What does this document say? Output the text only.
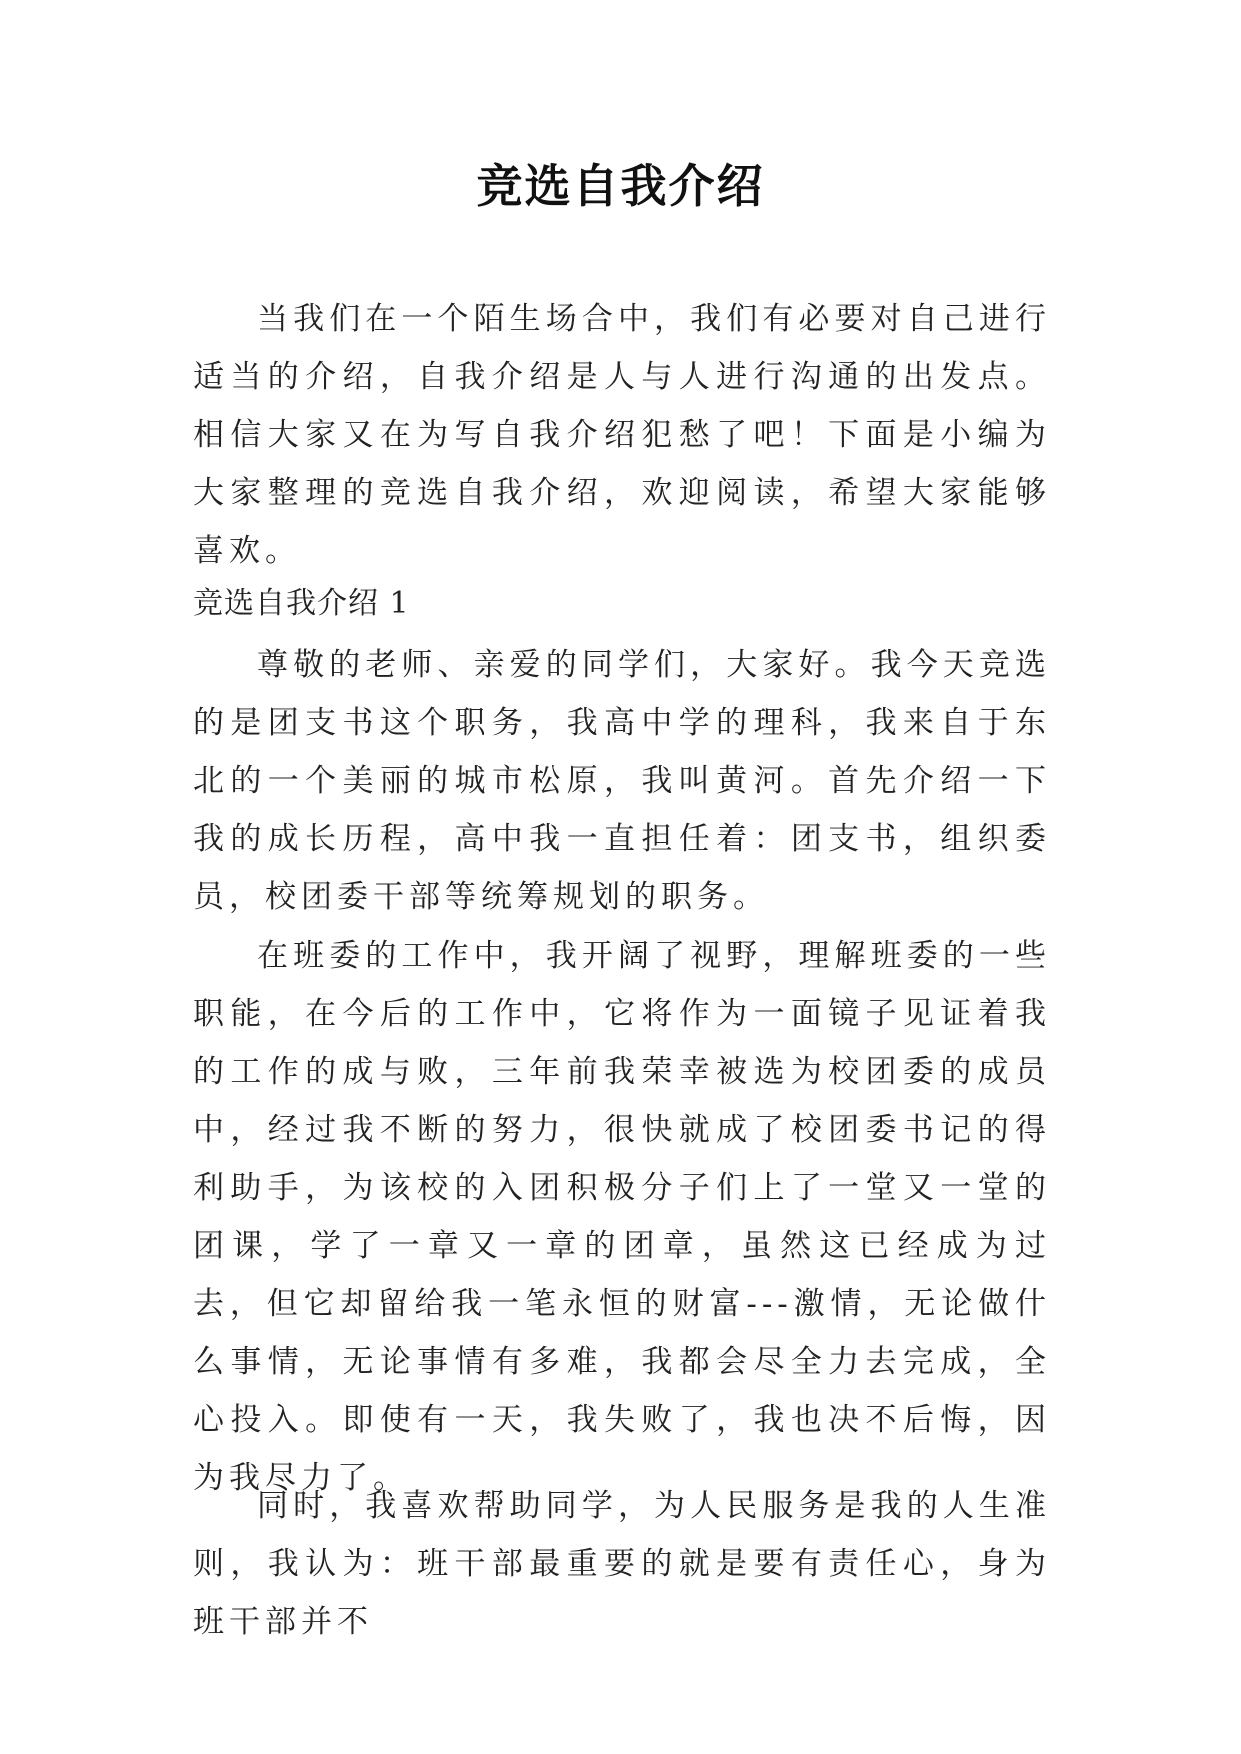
竞选自我介绍

当我们在一个陌生场合中，我们有必要对自己进行适当的介绍，自我介绍是人与人进行沟通的出发点。相信大家又在为写自我介绍犯愁了吧！下面是小编为大家整理的竞选自我介绍，欢迎阅读，希望大家能够喜欢。

竞选自我介绍 1

尊敬的老师、亲爱的同学们，大家好。我今天竞选的是团支书这个职务，我高中学的理科，我来自于东北的一个美丽的城市松原，我叫黄河。首先介绍一下我的成长历程，高中我一直担任着：团支书，组织委员，校团委干部等统筹规划的职务。

在班委的工作中，我开阔了视野，理解班委的一些职能，在今后的工作中，它将作为一面镜子见证着我的工作的成与败，三年前我荣幸被选为校团委的成员中，经过我不断的努力，很快就成了校团委书记的得利助手，为该校的入团积极分子们上了一堂又一堂的团课，学了一章又一章的团章，虽然这已经成为过去，但它却留给我一笔永恒的财富---激情，无论做什么事情，无论事情有多难，我都会尽全力去完成，全心投入。即使有一天，我失败了，我也决不后悔，因为我尽力了。

同时，我喜欢帮助同学，为人民服务是我的人生准则，我认为：班干部最重要的就是要有责任心，身为班干部并不
